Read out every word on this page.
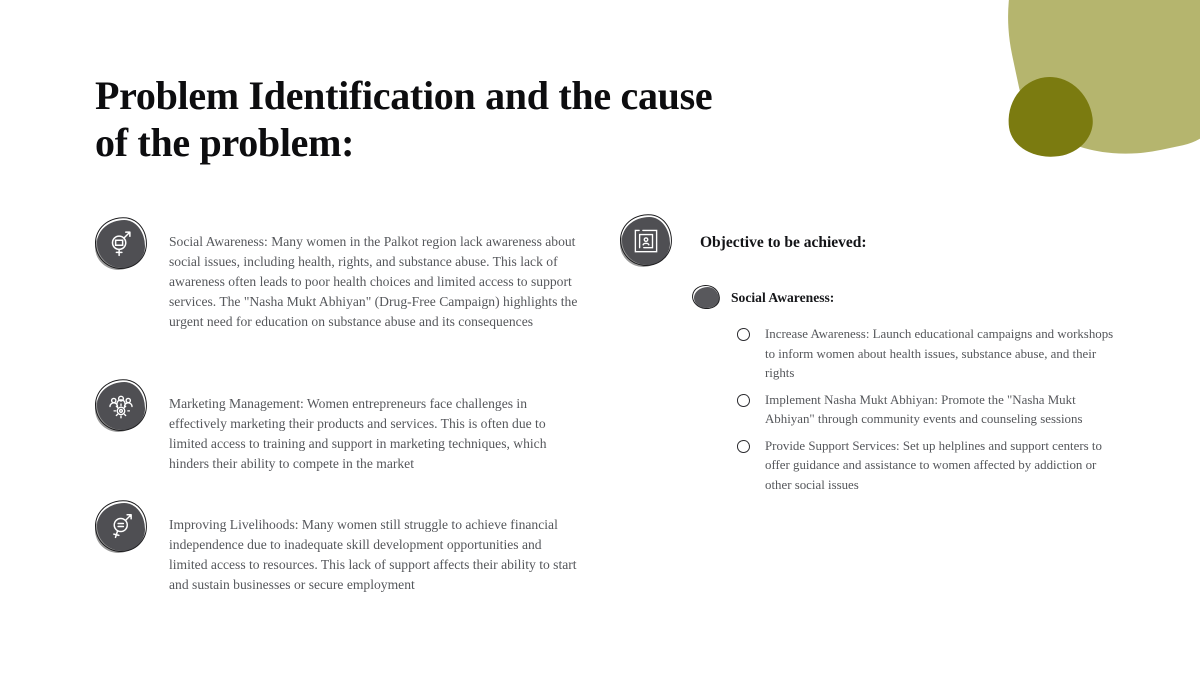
Problem Identification and the cause
of the problem:

Social Awareness: Many women in the Palkot region lack awareness about social issues, including health, rights, and substance abuse. This lack of awareness often leads to poor health choices and limited access to support services. The "Nasha Mukt Abhiyan" (Drug-Free Campaign) highlights the urgent need for education on substance abuse and its consequences

Marketing Management: Women entrepreneurs face challenges in effectively marketing their products and services. This is often due to limited access to training and support in marketing techniques, which hinders their ability to compete in the market

Improving Livelihoods: Many women still struggle to achieve financial independence due to inadequate skill development opportunities and limited access to resources. This lack of support affects their ability to start and sustain businesses or secure employment

Objective to be achieved:
Social Awareness:

Increase Awareness: Launch educational campaigns and workshops to inform women about health issues, substance abuse, and their rights

Implement Nasha Mukt Abhiyan: Promote the "Nasha Mukt Abhiyan" through community events and counseling sessions

Provide Support Services: Set up helplines and support centers to offer guidance and assistance to women affected by addiction or other social issues
